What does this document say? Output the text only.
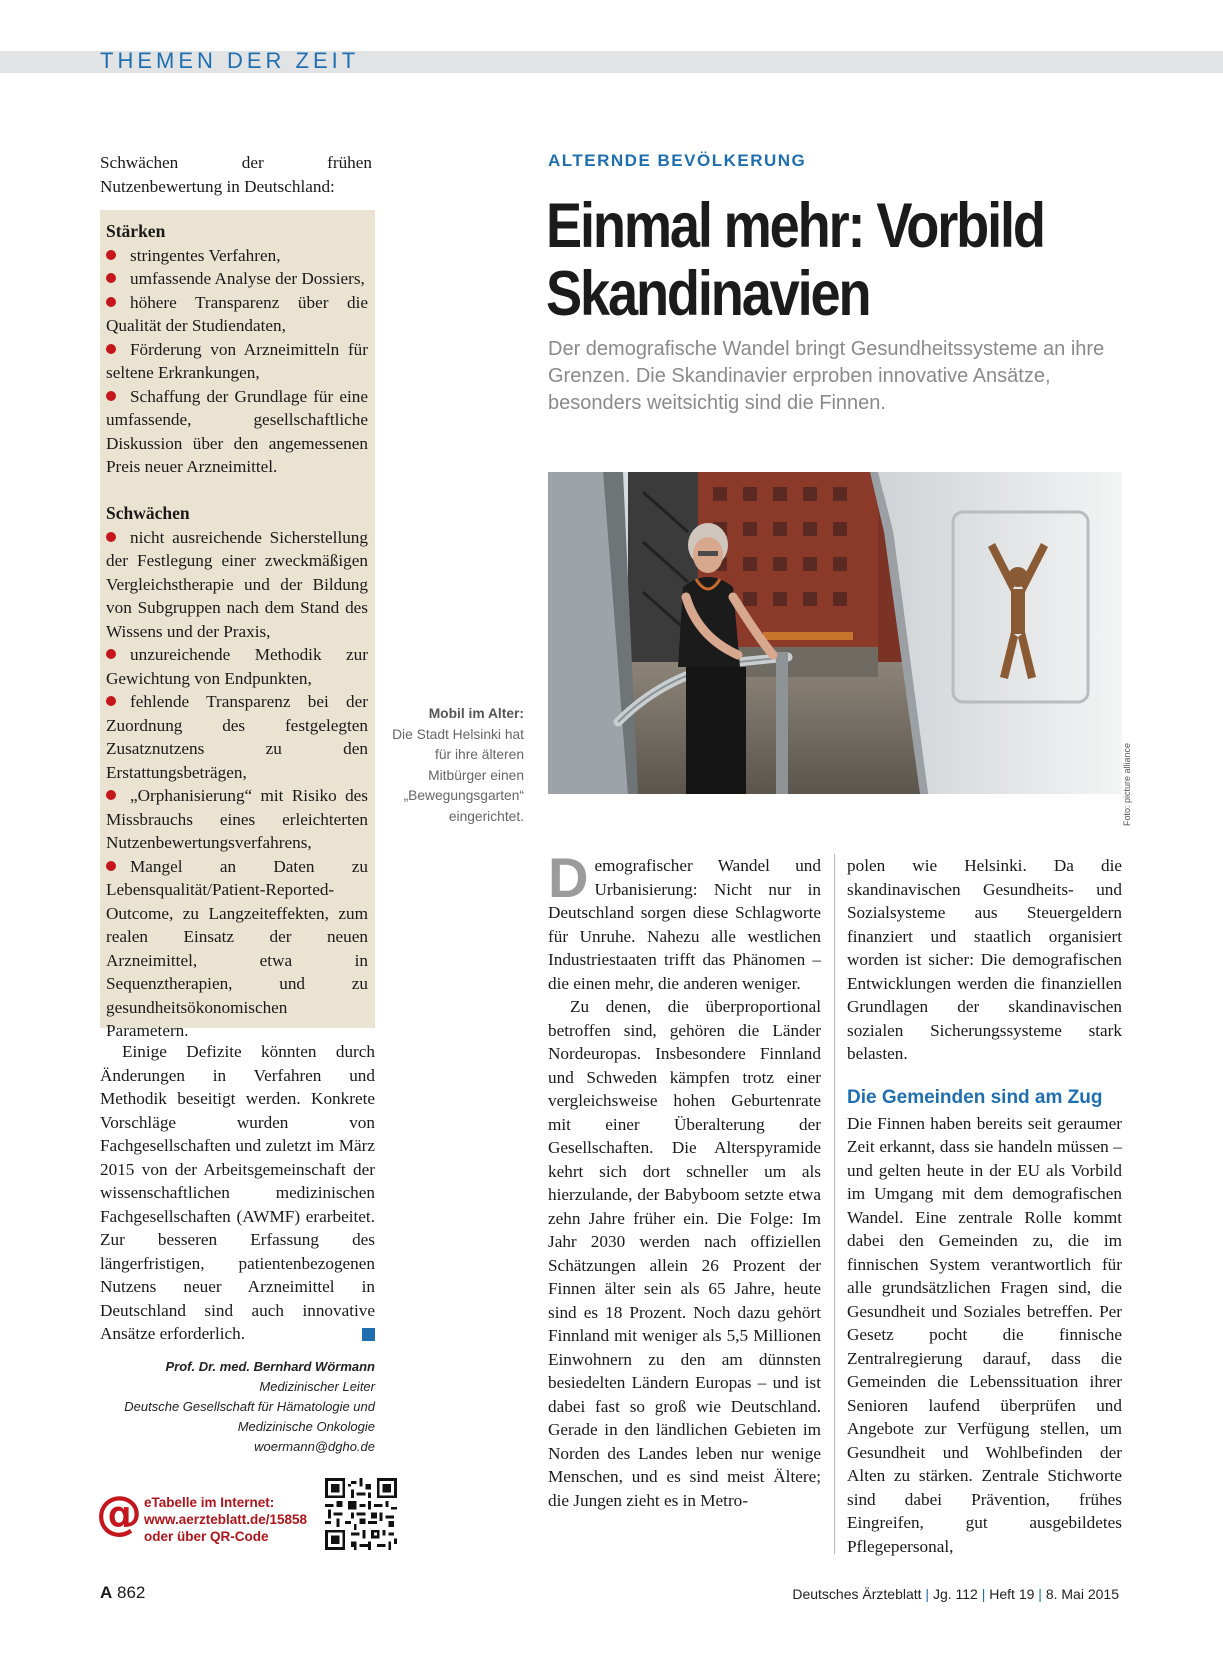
THEMEN DER ZEIT
Schwächen der frühen Nutzenbewertung in Deutschland:
Stärken
stringentes Verfahren,
umfassende Analyse der Dossiers,
höhere Transparenz über die Qualität der Studiendaten,
Förderung von Arzneimitteln für seltene Erkrankungen,
Schaffung der Grundlage für eine umfassende, gesellschaftliche Diskussion über den angemessenen Preis neuer Arzneimittel.
Schwächen
nicht ausreichende Sicherstellung der Festlegung einer zweckmäßigen Vergleichstherapie und der Bildung von Subgruppen nach dem Stand des Wissens und der Praxis,
unzureichende Methodik zur Gewichtung von Endpunkten,
fehlende Transparenz bei der Zuordnung des festgelegten Zusatznutzens zu den Erstattungsbeträgen,
„Orphanisierung“ mit Risiko des Missbrauchs eines erleichterten Nutzenbewertungsverfahrens,
Mangel an Daten zu Lebensqualität/Patient-Reported-Outcome, zu Langzeiteffekten, zum realen Einsatz der neuen Arzneimittel, etwa in Sequenztherapien, und zu gesundheitsökonomischen Parametern.
Einige Defizite könnten durch Änderungen in Verfahren und Methodik beseitigt werden. Konkrete Vorschläge wurden von Fachgesellschaften und zuletzt im März 2015 von der Arbeitsgemeinschaft der wissenschaftlichen medizinischen Fachgesellschaften (AWMF) erarbeitet. Zur besseren Erfassung des längerfristigen, patientenbezogenen Nutzens neuer Arzneimittel in Deutschland sind auch innovative Ansätze erforderlich.
Prof. Dr. med. Bernhard Wörmann
Medizinischer Leiter
Deutsche Gesellschaft für Hämatologie und
Medizinische Onkologie
woermann@dgho.de
@ eTabelle im Internet:
www.aerzteblatt.de/15858
oder über QR-Code
ALTERNDE BEVÖLKERUNG
Einmal mehr: Vorbild
Skandinavien
Der demografische Wandel bringt Gesundheitssysteme an ihre Grenzen. Die Skandinavier erproben innovative Ansätze, besonders weitsichtig sind die Finnen.
Foto: picture alliance
Mobil im Alter:
Die Stadt Helsinki hat für ihre älteren Mitbürger einen „Bewegungsgarten“ eingerichtet.
Demografischer Wandel und Urbanisierung: Nicht nur in Deutschland sorgen diese Schlagworte für Unruhe. Nahezu alle westlichen Industriestaaten trifft das Phänomen – die einen mehr, die anderen weniger.
Zu denen, die überproportional betroffen sind, gehören die Länder Nordeuropas. Insbesondere Finnland und Schweden kämpfen trotz einer vergleichsweise hohen Geburtenrate mit einer Überalterung der Gesellschaften. Die Alterspyramide kehrt sich dort schneller um als hierzulande, der Babyboom setzte etwa zehn Jahre früher ein. Die Folge: Im Jahr 2030 werden nach offiziellen Schätzungen allein 26 Prozent der Finnen älter sein als 65 Jahre, heute sind es 18 Prozent. Noch dazu gehört Finnland mit weniger als 5,5 Millionen Einwohnern zu den am dünnsten besiedelten Ländern Europas – und ist dabei fast so groß wie Deutschland. Gerade in den ländlichen Gebieten im Norden des Landes leben nur wenige Menschen, und es sind meist Ältere; die Jungen zieht es in Metro-
polen wie Helsinki. Da die skandinavischen Gesundheits- und Sozialsysteme aus Steuergeldern finanziert und staatlich organisiert worden ist sicher: Die demografischen Entwicklungen werden die finanziellen Grundlagen der skandinavischen sozialen Sicherungssysteme stark belasten.
Die Gemeinden sind am Zug
Die Finnen haben bereits seit geraumer Zeit erkannt, dass sie handeln müssen – und gelten heute in der EU als Vorbild im Umgang mit dem demografischen Wandel. Eine zentrale Rolle kommt dabei den Gemeinden zu, die im finnischen System verantwortlich für alle grundsätzlichen Fragen sind, die Gesundheit und Soziales betreffen. Per Gesetz pocht die finnische Zentralregierung darauf, dass die Gemeinden die Lebenssituation ihrer Senioren laufend überprüfen und Angebote zur Verfügung stellen, um Gesundheit und Wohlbefinden der Alten zu stärken. Zentrale Stichworte sind dabei Prävention, frühes Eingreifen, gut ausgebildetes Pflegepersonal,
A 862	Deutsches Ärzteblatt | Jg. 112 | Heft 19 | 8. Mai 2015
